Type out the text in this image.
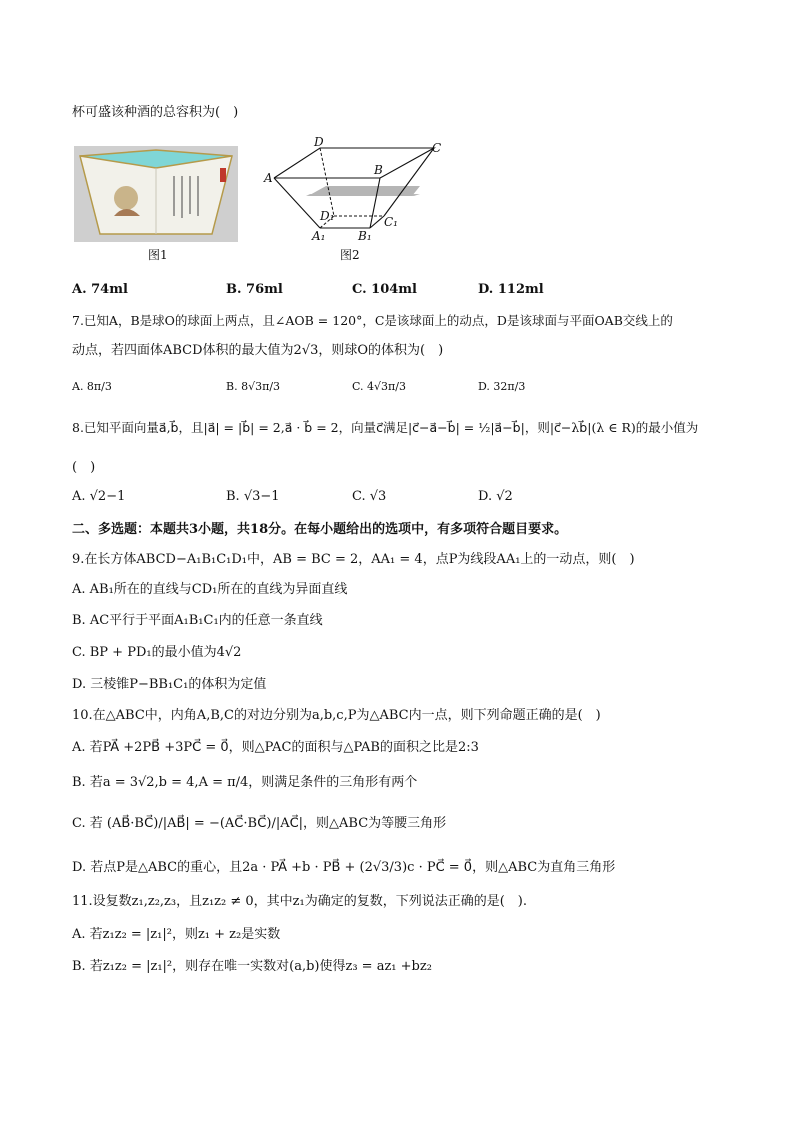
杯可盛该种酒的总容积为(　)
图1
A
B
C
D
A₁	B₁
C₁
D₁
图2
A. 74ml	B. 76ml	C. 104ml	D. 112ml
7.已知A，B是球O的球面上两点，且∠AOB = 120°，C是该球面上的动点，D是该球面与平面OAB交线上的
动点，若四面体ABCD体积的最大值为2√3，则球O的体积为(　)
A. 8π/3	B. 8√3π/3	C. 4√3π/3	D. 32π/3
8.已知平面向量a⃗,b⃗，且|a⃗| = |b⃗| = 2,a⃗ · b⃗ = 2，向量c⃗满足|c⃗−a⃗−b⃗| = ½|a⃗−b⃗|，则|c⃗−λb⃗|(λ ∈ R)的最小值为
(　)
A. √2−1	B. √3−1	C. √3	D. √2
二、多选题：本题共3小题，共18分。在每小题给出的选项中，有多项符合题目要求。
9.在长方体ABCD−A₁B₁C₁D₁中，AB = BC = 2，AA₁ = 4，点P为线段AA₁上的一动点，则(　)
A. AB₁所在的直线与CD₁所在的直线为异面直线
B. AC平行于平面A₁B₁C₁内的任意一条直线
C. BP + PD₁的最小值为4√2
D. 三棱锥P−BB₁C₁的体积为定值
10.在△ABC中，内角A,B,C的对边分别为a,b,c,P为△ABC内一点，则下列命题正确的是(　)
A. 若PA⃗ +2PB⃗ +3PC⃗ = 0⃗，则△PAC的面积与△PAB的面积之比是2:3
B. 若a = 3√2,b = 4,A = π/4，则满足条件的三角形有两个
C. 若 (AB⃗·BC⃗)/|AB⃗| = −(AC⃗·BC⃗)/|AC⃗|，则△ABC为等腰三角形
D. 若点P是△ABC的重心，且2a · PA⃗ +b · PB⃗ + (2√3/3)c · PC⃗ = 0⃗，则△ABC为直角三角形
11.设复数z₁,z₂,z₃，且z₁z₂ ≠ 0，其中z₁为确定的复数，下列说法正确的是(　).
A. 若z₁z₂ = |z₁|²，则z₁ + z₂是实数
B. 若z₁z₂ = |z₁|²，则存在唯一实数对(a,b)使得z₃ = az₁ +bz₂
